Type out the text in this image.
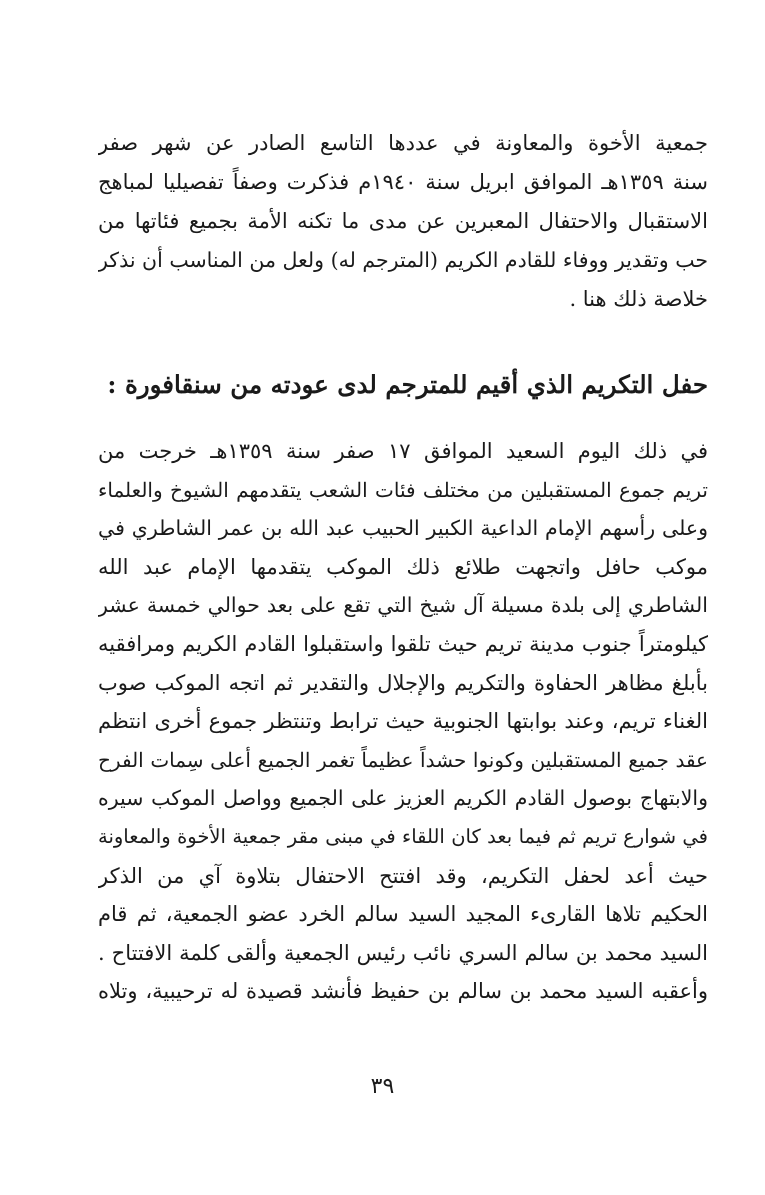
جمعية الأخوة والمعاونة في عددها التاسع الصادر عن شهر صفر
سنة ١٣٥٩هـ الموافق ابريل سنة ١٩٤٠م فذكرت وصفاً تفصيليا لمباهج
الاستقبال والاحتفال المعبرين عن مدى ما تكنه الأمة بجميع فئاتها من
حب وتقدير ووفاء للقادم الكريم (المترجم له) ولعل من المناسب أن نذكر
خلاصة ذلك هنا .
حفل التكريم الذي أقيم للمترجم لدى عودته من سنقافورة :
في ذلك اليوم السعيد الموافق ١٧ صفر سنة ١٣٥٩هـ خرجت من
تريم جموع المستقبلين من مختلف فئات الشعب يتقدمهم الشيوخ والعلماء
وعلى رأسهم الإمام الداعية الكبير الحبيب عبد الله بن عمر الشاطري في
موكب حافل واتجهت طلائع ذلك الموكب يتقدمها الإمام عبد الله
الشاطري إلى بلدة مسيلة آل شيخ التي تقع على بعد حوالي خمسة عشر
كيلومتراً جنوب مدينة تريم حيث تلقوا واستقبلوا القادم الكريم ومرافقيه
بأبلغ مظاهر الحفاوة والتكريم والإجلال والتقدير ثم اتجه الموكب صوب
الغناء تريم، وعند بوابتها الجنوبية حيث ترابط وتنتظر جموع أخرى انتظم
عقد جميع المستقبلين وكونوا حشداً عظيماً تغمر الجميع أعلى سِمات الفرح
والابتهاج بوصول القادم الكريم العزيز على الجميع وواصل الموكب سيره
في شوارع تريم ثم فيما بعد كان اللقاء في مبنى مقر جمعية الأخوة والمعاونة
حيث أعد لحفل التكريم، وقد افتتح الاحتفال بتلاوة آي من الذكر
الحكيم تلاها القارىء المجيد السيد سالم الخرد عضو الجمعية، ثم قام
السيد محمد بن سالم السري نائب رئيس الجمعية وألقى كلمة الافتتاح .
وأعقبه السيد محمد بن سالم بن حفيظ فأنشد قصيدة له ترحيبية، وتلاه
٣٩
